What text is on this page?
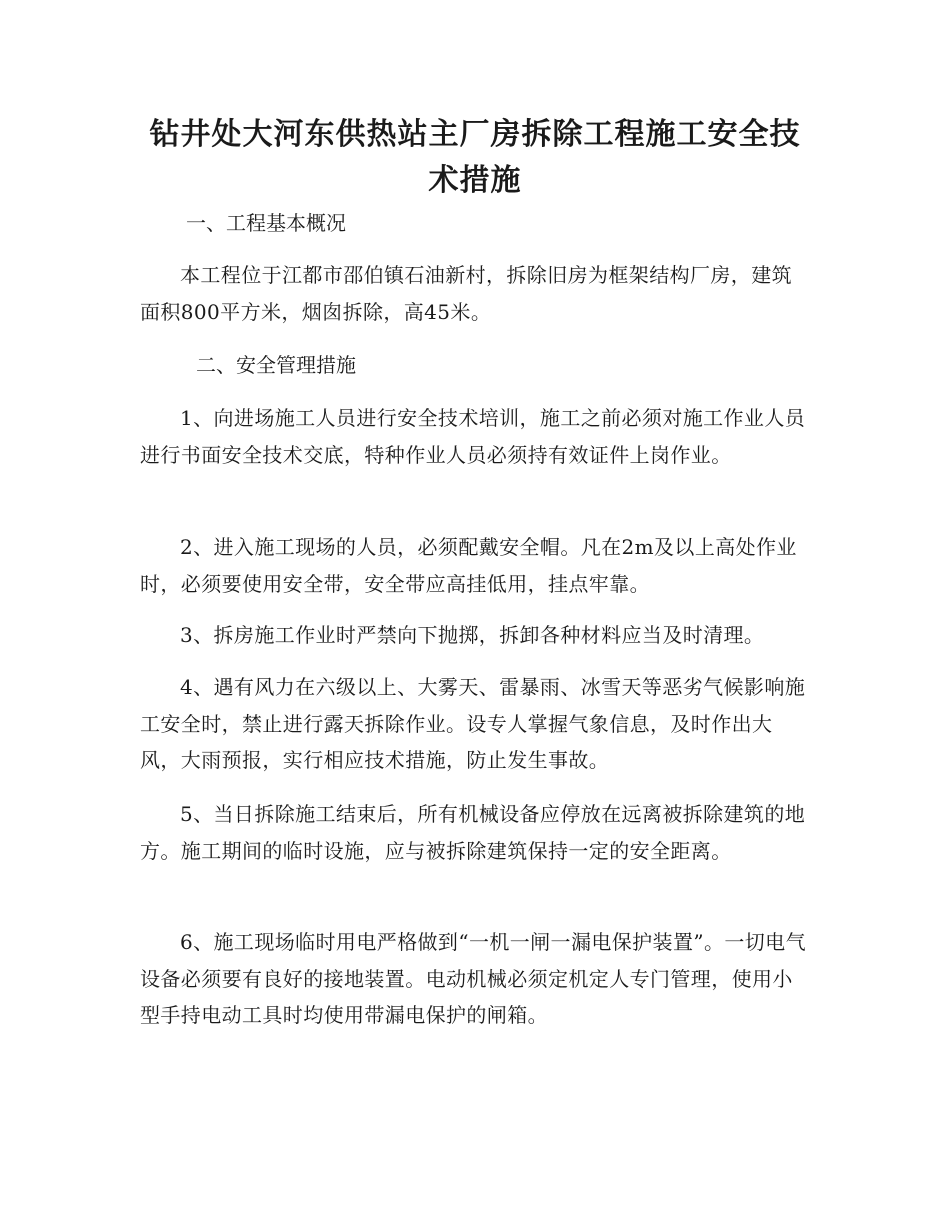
钻井处大河东供热站主厂房拆除工程施工安全技术措施

一、工程基本概况

本工程位于江都市邵伯镇石油新村，拆除旧房为框架结构厂房，建筑面积800平方米，烟囱拆除，高45米。

二、安全管理措施

1、向进场施工人员进行安全技术培训，施工之前必须对施工作业人员进行书面安全技术交底，特种作业人员必须持有效证件上岗作业。

2、进入施工现场的人员，必须配戴安全帽。凡在2m及以上高处作业时，必须要使用安全带，安全带应高挂低用，挂点牢靠。

3、拆房施工作业时严禁向下抛掷，拆卸各种材料应当及时清理。

4、遇有风力在六级以上、大雾天、雷暴雨、冰雪天等恶劣气候影响施工安全时，禁止进行露天拆除作业。设专人掌握气象信息，及时作出大风，大雨预报，实行相应技术措施，防止发生事故。

5、当日拆除施工结束后，所有机械设备应停放在远离被拆除建筑的地方。施工期间的临时设施，应与被拆除建筑保持一定的安全距离。

6、施工现场临时用电严格做到“一机一闸一漏电保护装置”。一切电气设备必须要有良好的接地装置。电动机械必须定机定人专门管理，使用小型手持电动工具时均使用带漏电保护的闸箱。
